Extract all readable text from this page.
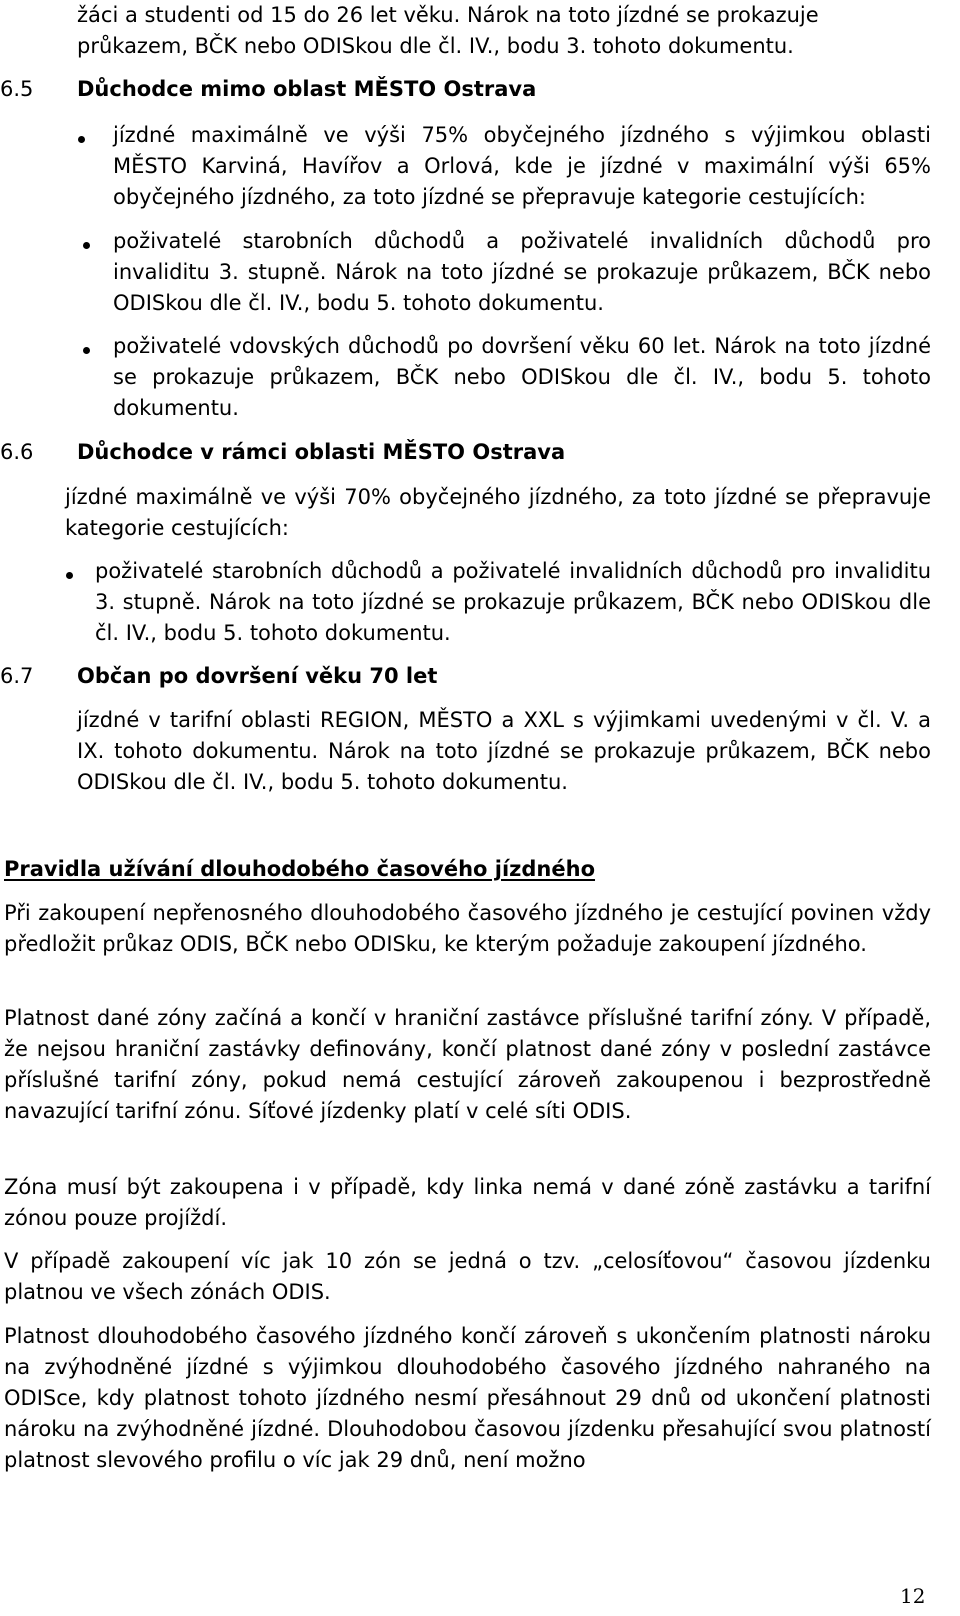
žáci a studenti od 15 do 26 let věku. Nárok na toto jízdné se prokazuje

průkazem, BČK nebo ODISkou dle čl. IV., bodu 3. tohoto dokumentu.

6.5 Důchodce mimo oblast MĚSTO Ostrava

jízdné maximálně ve výši 75% obyčejného jízdného s výjimkou oblasti MĚSTO Karviná, Havířov a Orlová, kde je jízdné v maximální výši 65% obyčejného jízdného, za toto jízdné se přepravuje kategorie cestujících:

poživatelé starobních důchodů a poživatelé invalidních důchodů pro invaliditu 3. stupně. Nárok na toto jízdné se prokazuje průkazem, BČK nebo ODISkou dle čl. IV., bodu 5. tohoto dokumentu.

poživatelé vdovských důchodů po dovršení věku 60 let. Nárok na toto jízdné se prokazuje průkazem, BČK nebo ODISkou dle čl. IV., bodu 5. tohoto dokumentu.

6.6 Důchodce v rámci oblasti MĚSTO Ostrava

jízdné maximálně ve výši 70% obyčejného jízdného, za toto jízdné se přepravuje kategorie cestujících:

poživatelé starobních důchodů a poživatelé invalidních důchodů pro invaliditu 3. stupně. Nárok na toto jízdné se prokazuje průkazem, BČK nebo ODISkou dle čl. IV., bodu 5. tohoto dokumentu.

6.7 Občan po dovršení věku 70 let

jízdné v tarifní oblasti REGION, MĚSTO a XXL s výjimkami uvedenými v čl. V. a IX. tohoto dokumentu. Nárok na toto jízdné se prokazuje průkazem, BČK nebo ODISkou dle čl. IV., bodu 5. tohoto dokumentu.

Pravidla užívání dlouhodobého časového jízdného

Při zakoupení nepřenosného dlouhodobého časového jízdného je cestující povinen vždy předložit průkaz ODIS, BČK nebo ODISku, ke kterým požaduje zakoupení jízdného.

Platnost dané zóny začíná a končí v hraniční zastávce příslušné tarifní zóny. V případě, že nejsou hraniční zastávky definovány, končí platnost dané zóny v poslední zastávce příslušné tarifní zóny, pokud nemá cestující zároveň zakoupenou i bezprostředně navazující tarifní zónu. Síťové jízdenky platí v celé síti ODIS.

Zóna musí být zakoupena i v případě, kdy linka nemá v dané zóně zastávku a tarifní zónou pouze projíždí.

V případě zakoupení víc jak 10 zón se jedná o tzv. „celosíťovou“ časovou jízdenku platnou ve všech zónách ODIS.

Platnost dlouhodobého časového jízdného končí zároveň s ukončením platnosti nároku na zvýhodněné jízdné s výjimkou dlouhodobého časového jízdného nahraného na ODISce, kdy platnost tohoto jízdného nesmí přesáhnout 29 dnů od ukončení platnosti nároku na zvýhodněné jízdné. Dlouhodobou časovou jízdenku přesahující svou platností platnost slevového profilu o víc jak 29 dnů, není možno

12
